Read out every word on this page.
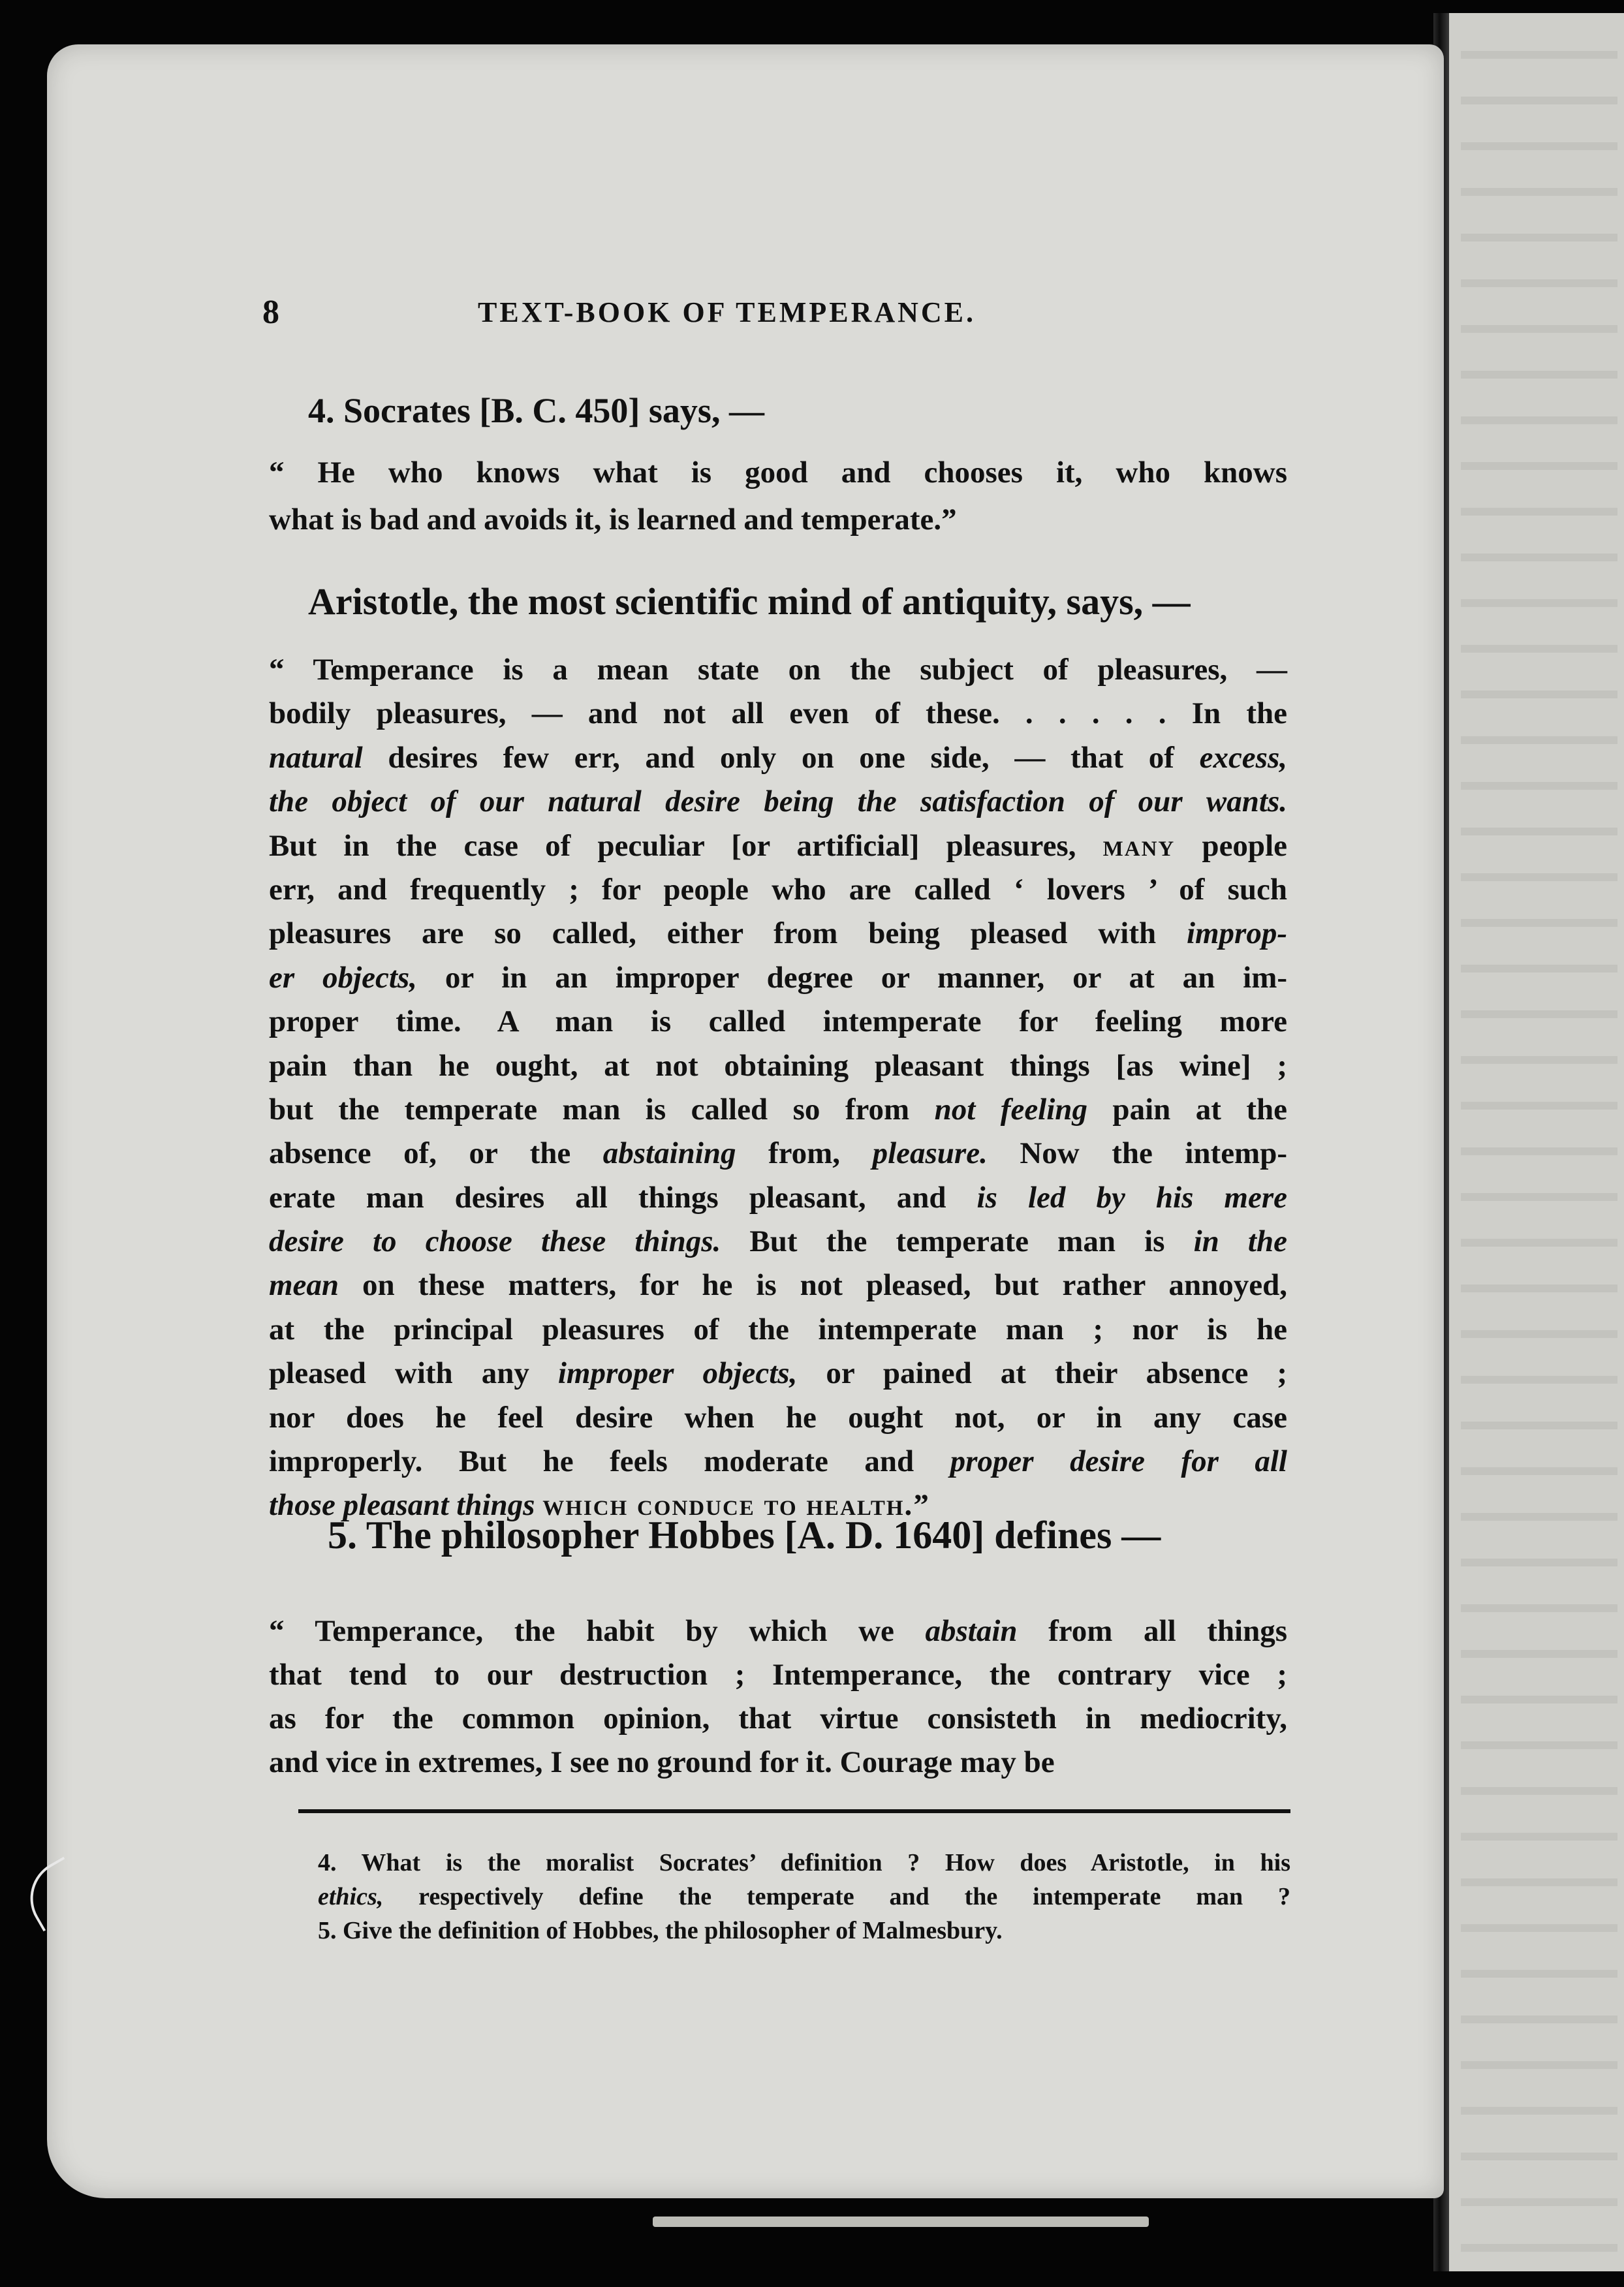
8	TEXT-BOOK OF TEMPERANCE.
4. Socrates [B. C. 450] says, —
“ He who knows what is good and chooses it, who knows
what is bad and avoids it, is learned and temperate.”
Aristotle, the most scientific mind of antiquity, says, —
“ Temperance is a mean state on the subject of pleasures, —
bodily pleasures, — and not all even of these. . . . . . In the
natural desires few err, and only on one side, — that of excess,
the object of our natural desire being the satisfaction of our wants.
But in the case of peculiar [or artificial] pleasures, many people
err, and frequently ; for people who are called ‘ lovers ’ of such
pleasures are so called, either from being pleased with improp-
er objects, or in an improper degree or manner, or at an im-
proper time. A man is called intemperate for feeling more
pain than he ought, at not obtaining pleasant things [as wine] ;
but the temperate man is called so from not feeling pain at the
absence of, or the abstaining from, pleasure. Now the intemp-
erate man desires all things pleasant, and is led by his mere
desire to choose these things. But the temperate man is in the
mean on these matters, for he is not pleased, but rather annoyed,
at the principal pleasures of the intemperate man ; nor is he
pleased with any improper objects, or pained at their absence ;
nor does he feel desire when he ought not, or in any case
improperly. But he feels moderate and proper desire for all
those pleasant things which conduce to health.”
5. The philosopher Hobbes [A. D. 1640] defines —
“ Temperance, the habit by which we abstain from all things
that tend to our destruction ; Intemperance, the contrary vice ;
as for the common opinion, that virtue consisteth in mediocrity,
and vice in extremes, I see no ground for it. Courage may be
4. What is the moralist Socrates’ definition ? How does Aristotle, in his
ethics, respectively define the temperate and the intemperate man ?
5. Give the definition of Hobbes, the philosopher of Malmesbury.
